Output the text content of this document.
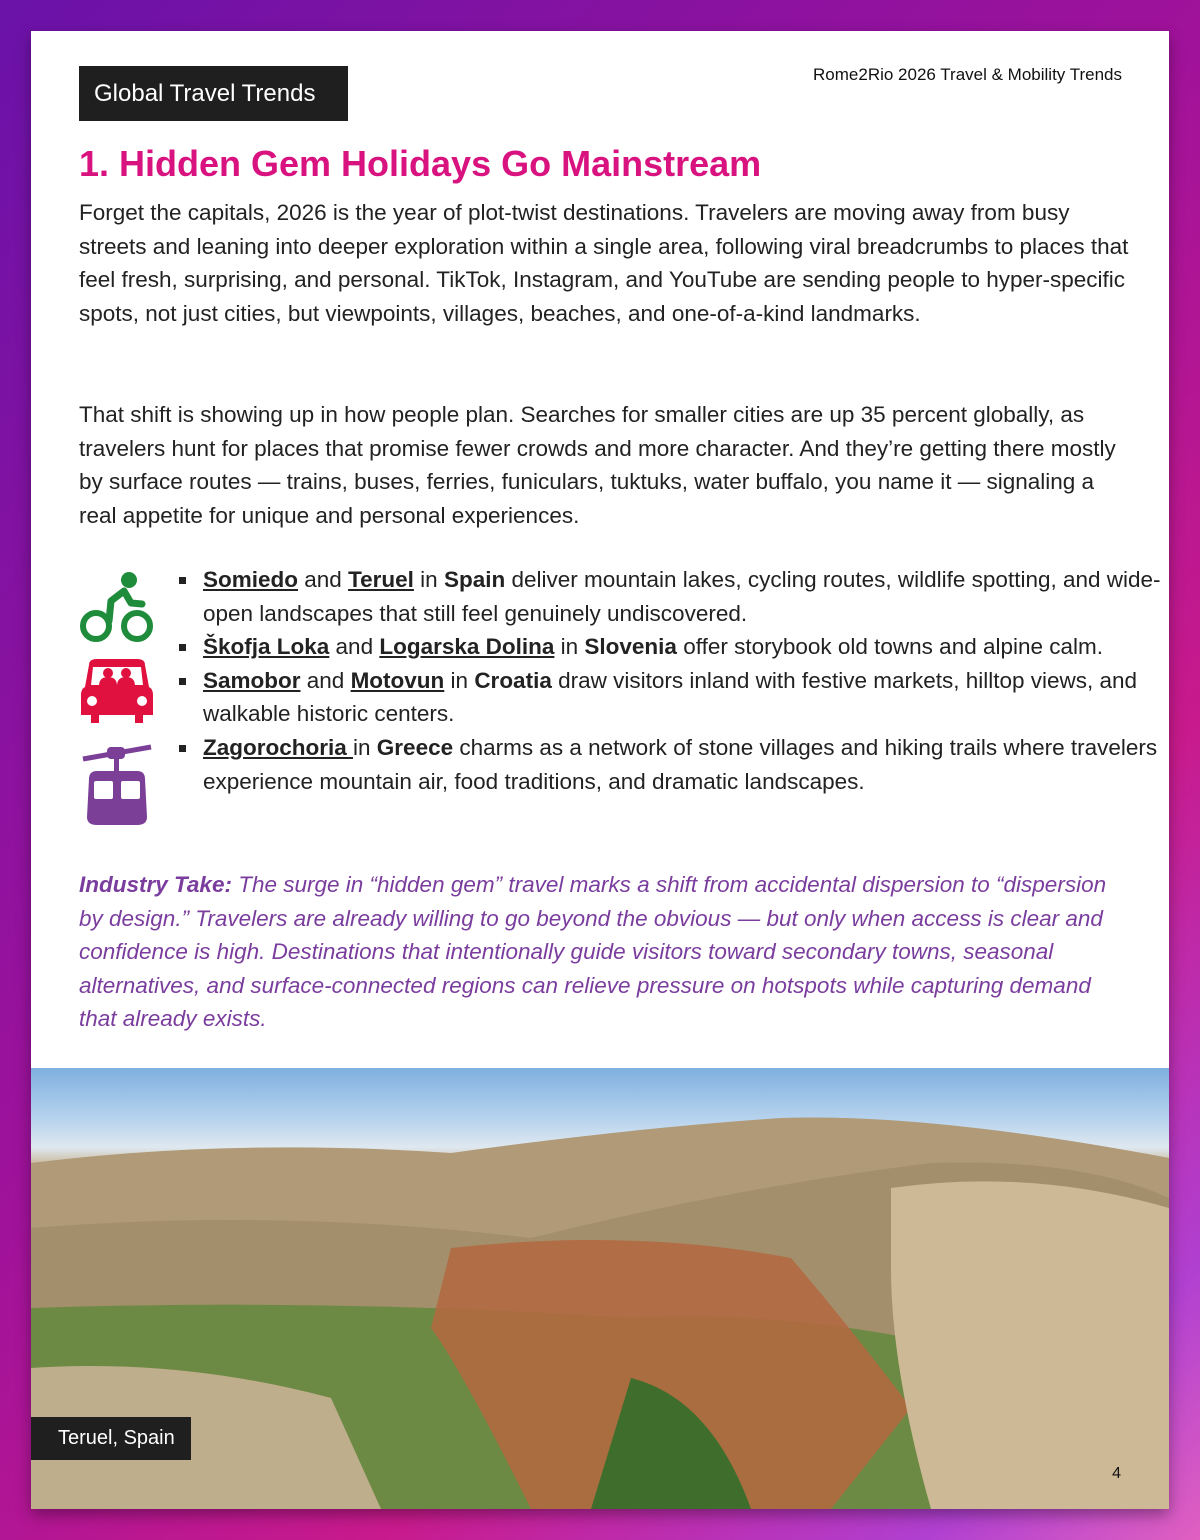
Global Travel Trends
Rome2Rio 2026 Travel & Mobility Trends
1. Hidden Gem Holidays Go Mainstream

Forget the capitals, 2026 is the year of plot-twist destinations. Travelers are moving away from busy streets and leaning into deeper exploration within a single area, following viral breadcrumbs to places that feel fresh, surprising, and personal. TikTok, Instagram, and YouTube are sending people to hyper-specific spots, not just cities, but viewpoints, villages, beaches, and one-of-a-kind landmarks.

That shift is showing up in how people plan. Searches for smaller cities are up 35 percent globally, as travelers hunt for places that promise fewer crowds and more character. And they’re getting there mostly by surface routes — trains, buses, ferries, funiculars, tuktuks, water buffalo, you name it — signaling a real appetite for unique and personal experiences.

Somiedo and Teruel in Spain deliver mountain lakes, cycling routes, wildlife spotting, and wide-open landscapes that still feel genuinely undiscovered.
Škofja Loka and Logarska Dolina in Slovenia offer storybook old towns and alpine calm.
Samobor and Motovun in Croatia draw visitors inland with festive markets, hilltop views, and walkable historic centers.
Zagorochoria in Greece charms as a network of stone villages and hiking trails where travelers experience mountain air, food traditions, and dramatic landscapes.

Industry Take: The surge in “hidden gem” travel marks a shift from accidental dispersion to “dispersion by design.” Travelers are already willing to go beyond the obvious — but only when access is clear and confidence is high. Destinations that intentionally guide visitors toward secondary towns, seasonal alternatives, and surface-connected regions can relieve pressure on hotspots while capturing demand that already exists.

Teruel, Spain
4
